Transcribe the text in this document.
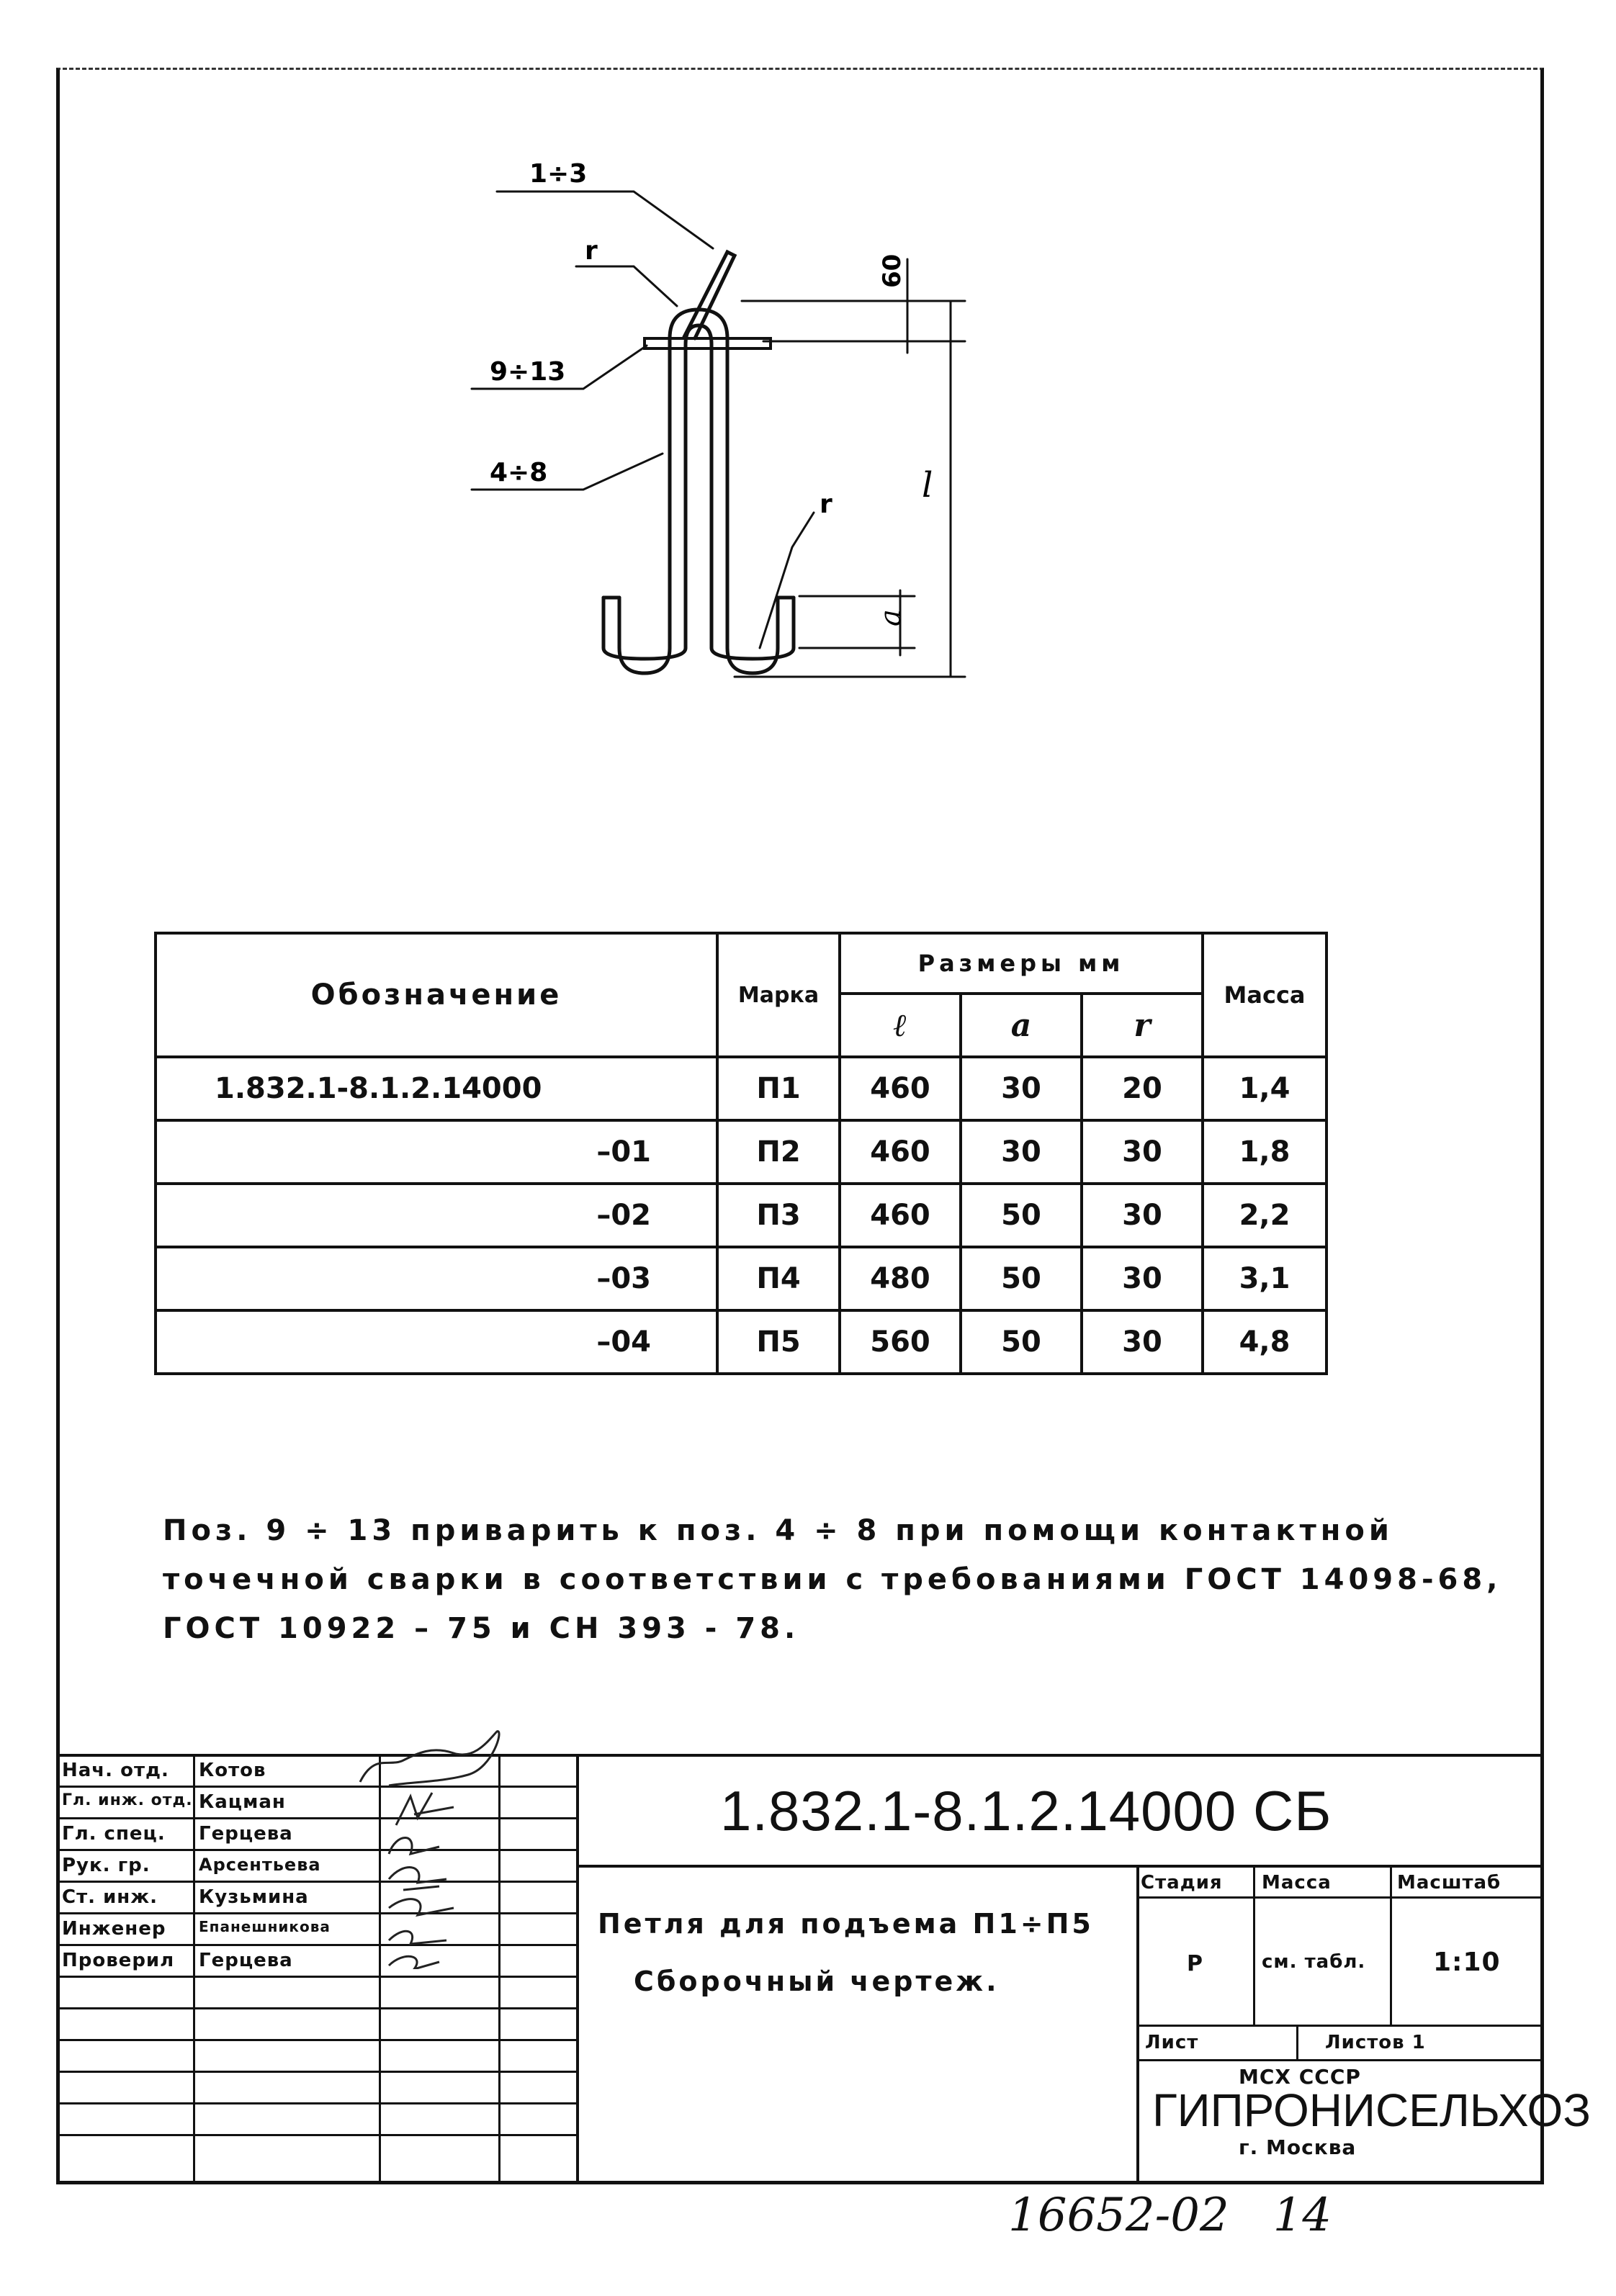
1÷3
r
9÷13
4÷8
r
60
l
a
Обозначение	Марка	Размеры мм			Масса
		ℓ	a	r	
1.832.1-8.1.2.14000	П1	460	30	20	1,4
–01	П2	460	30	30	1,8
–02	П3	460	50	30	2,2
–03	П4	480	50	30	3,1
–04	П5	560	50	30	4,8
Поз. 9 ÷ 13 приварить к поз. 4 ÷ 8 при помощи контактной
точечной сварки в соответствии с требованиями ГОСТ 14098-68,
ГОСТ 10922 – 75 и СН 393 - 78.
Нач. отд. Котов
Гл. инж. отд. Кацман
Гл. спец. Герцева
Рук. гр.	Арсентьева
Ст. инж. Кузьмина
Инженер Епанешникова
Проверил Герцева
1.832.1-8.1.2.14000 СБ
Петля для подъема П1÷П5
Сборочный чертеж.
Стадия Масса	Масштаб
Р	см. табл.	1:10
Лист	Листов 1
МСХ СССР
ГИПРОНИСЕЛЬХОЗ
г. Москва
16652-02   14
